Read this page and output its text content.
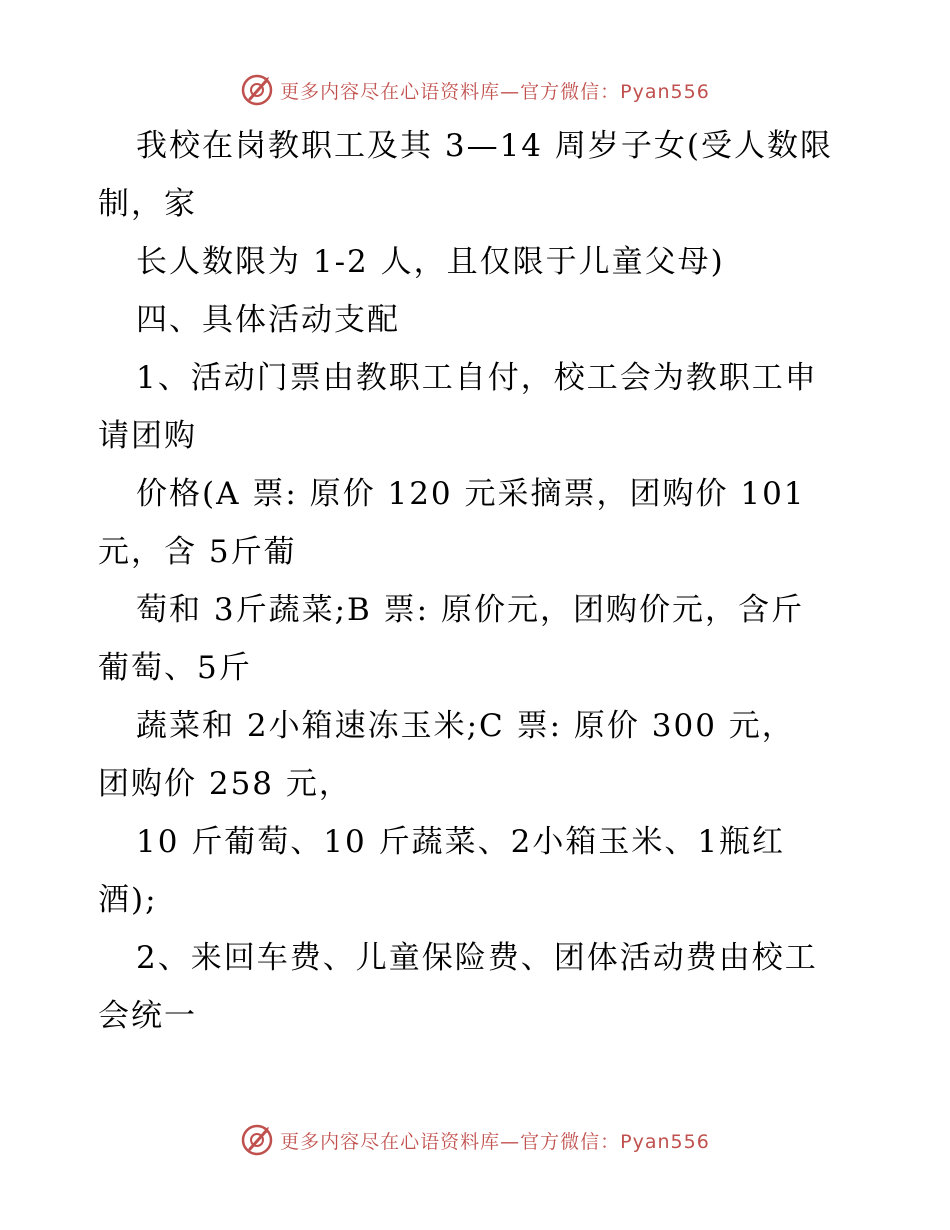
更多内容尽在心语资料库—官方微信：Pyan556
我校在岗教职工及其 3—14 周岁子女(受人数限
制，家
长人数限为 1-2 人，且仅限于儿童父母)
四、具体活动支配
1、活动门票由教职工自付，校工会为教职工申
请团购
价格(A 票: 原价 120 元采摘票，团购价 101
元，含 5斤葡
萄和 3斤蔬菜;B 票: 原价元，团购价元，含斤
葡萄、5斤
蔬菜和 2小箱速冻玉米;C 票: 原价 300 元，
团购价 258 元，
10 斤葡萄、10 斤蔬菜、2小箱玉米、1瓶红
酒);
2、来回车费、儿童保险费、团体活动费由校工
会统一
更多内容尽在心语资料库—官方微信：Pyan556
